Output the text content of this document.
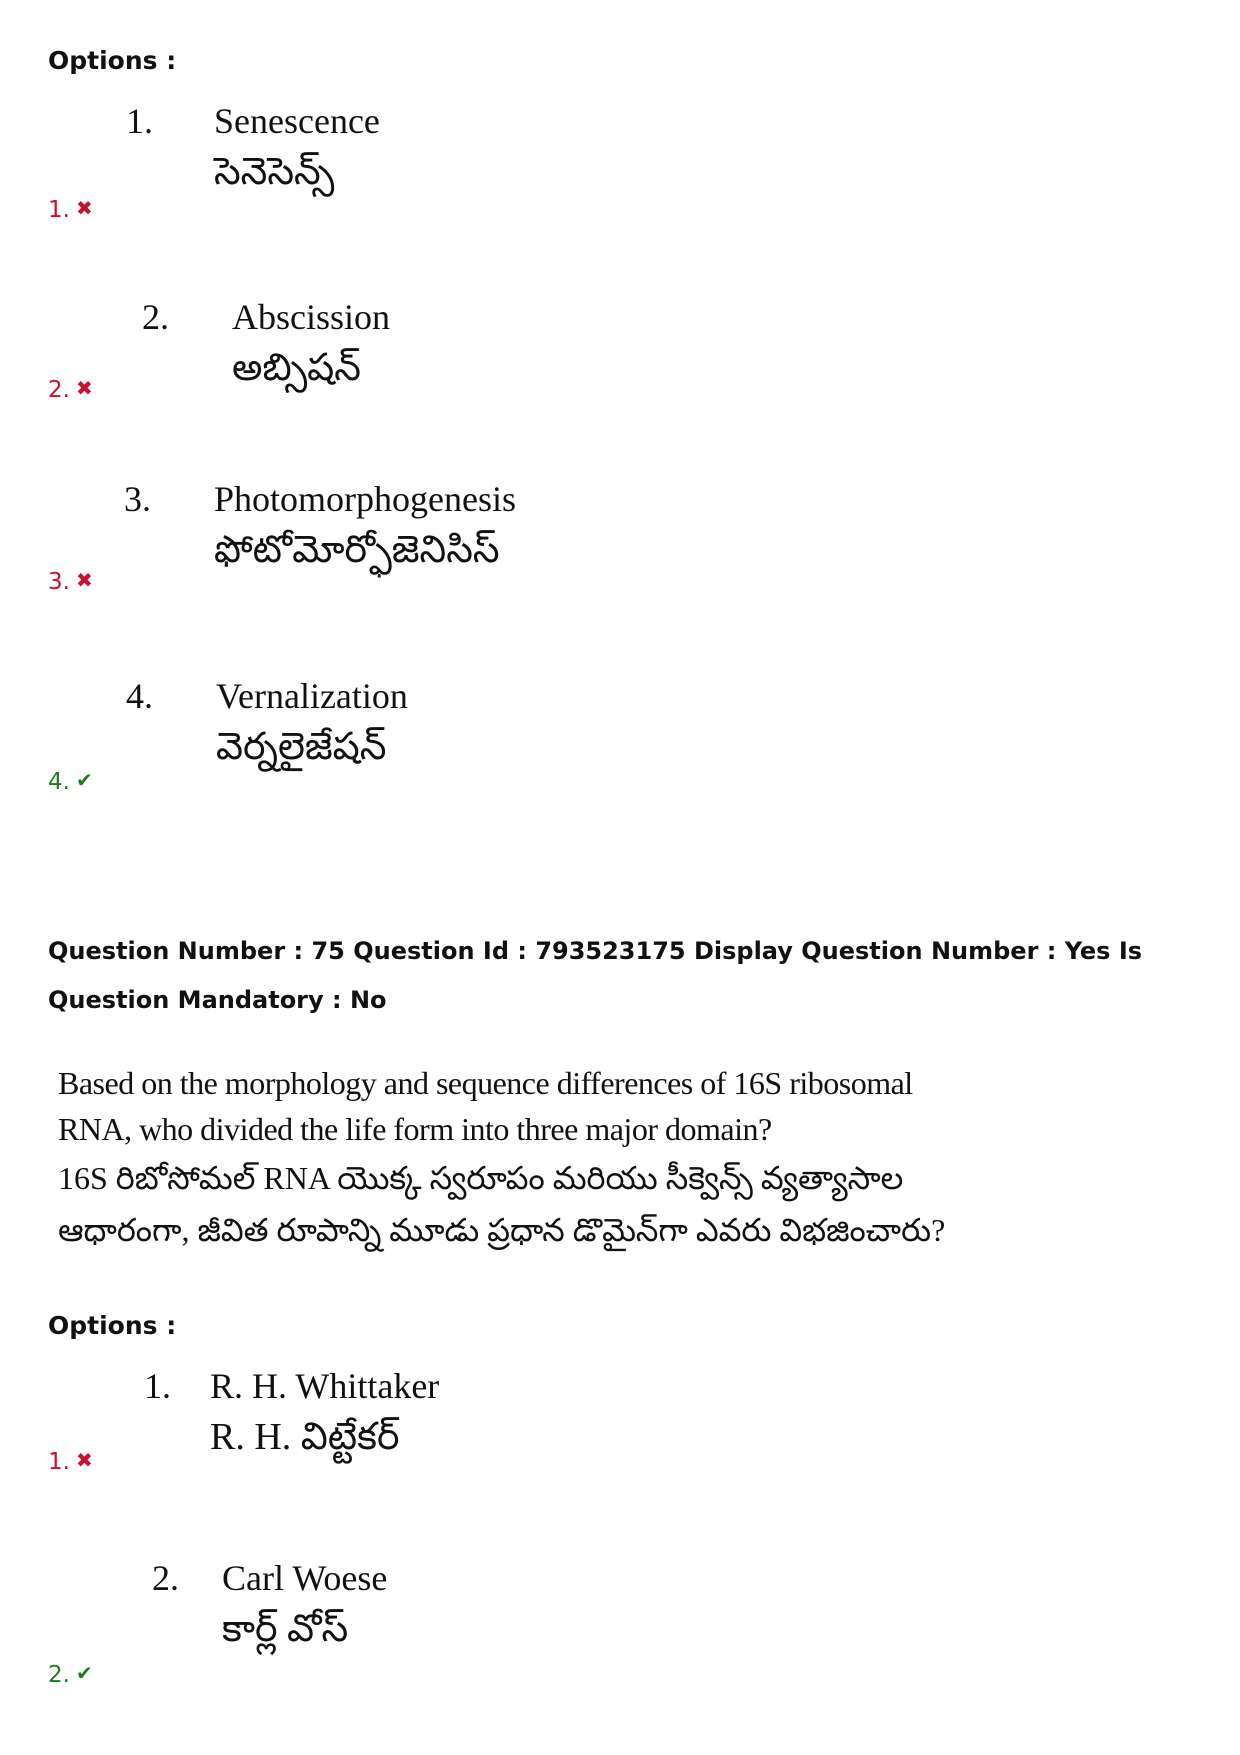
Options :
1. Senescence
సెనెసెన్స్
1. ✖
2. Abscission
అబ్సిషన్
2. ✖
3. Photomorphogenesis
ఫోటోమోర్ఫోజెనిసిస్
3. ✖
4. Vernalization
వెర్నలైజేషన్
4. ✔
Question Number : 75 Question Id : 793523175 Display Question Number : Yes Is Question Mandatory : No
Based on the morphology and sequence differences of 16S ribosomal RNA, who divided the life form into three major domain?
16S రిబోసోమల్ RNA యొక్క స్వరూపం మరియు సీక్వెన్స్ వ్యత్యాసాల ఆధారంగా, జీవిత రూపాన్ని మూడు ప్రధాన డొమైన్‌గా ఎవరు విభజించారు?
Options :
1. R. H. Whittaker
R. H. విట్టేకర్
1. ✖
2. Carl Woese
కార్ల్ వోస్
2. ✔
